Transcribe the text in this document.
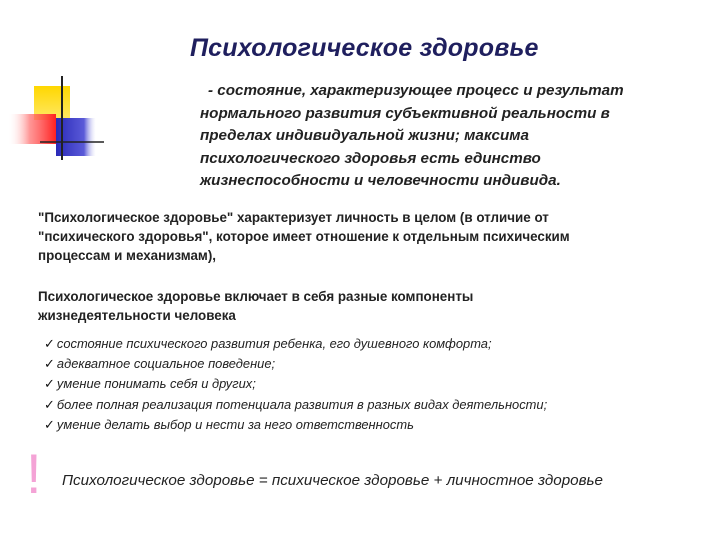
Психологическое здоровье
- состояние, характеризующее процесс и результат
нормального развития субъективной реальности в
пределах индивидуальной жизни; максима
психологического здоровья есть единство
жизнеспособности и человечности индивида.
"Психологическое здоровье" характеризует личность в целом (в отличие от
"психического здоровья", которое имеет отношение к отдельным психическим
процессам и механизмам),
Психологическое здоровье включает в себя разные компоненты
жизнедеятельности человека
✓ состояние психического развития ребенка, его душевного комфорта;
✓ адекватное социальное поведение;
✓ умение понимать себя и других;
✓ более полная реализация потенциала развития в разных видах деятельности;
✓ умение делать выбор и нести за него ответственность
! Психологическое здоровье = психическое здоровье + личностное здоровье
